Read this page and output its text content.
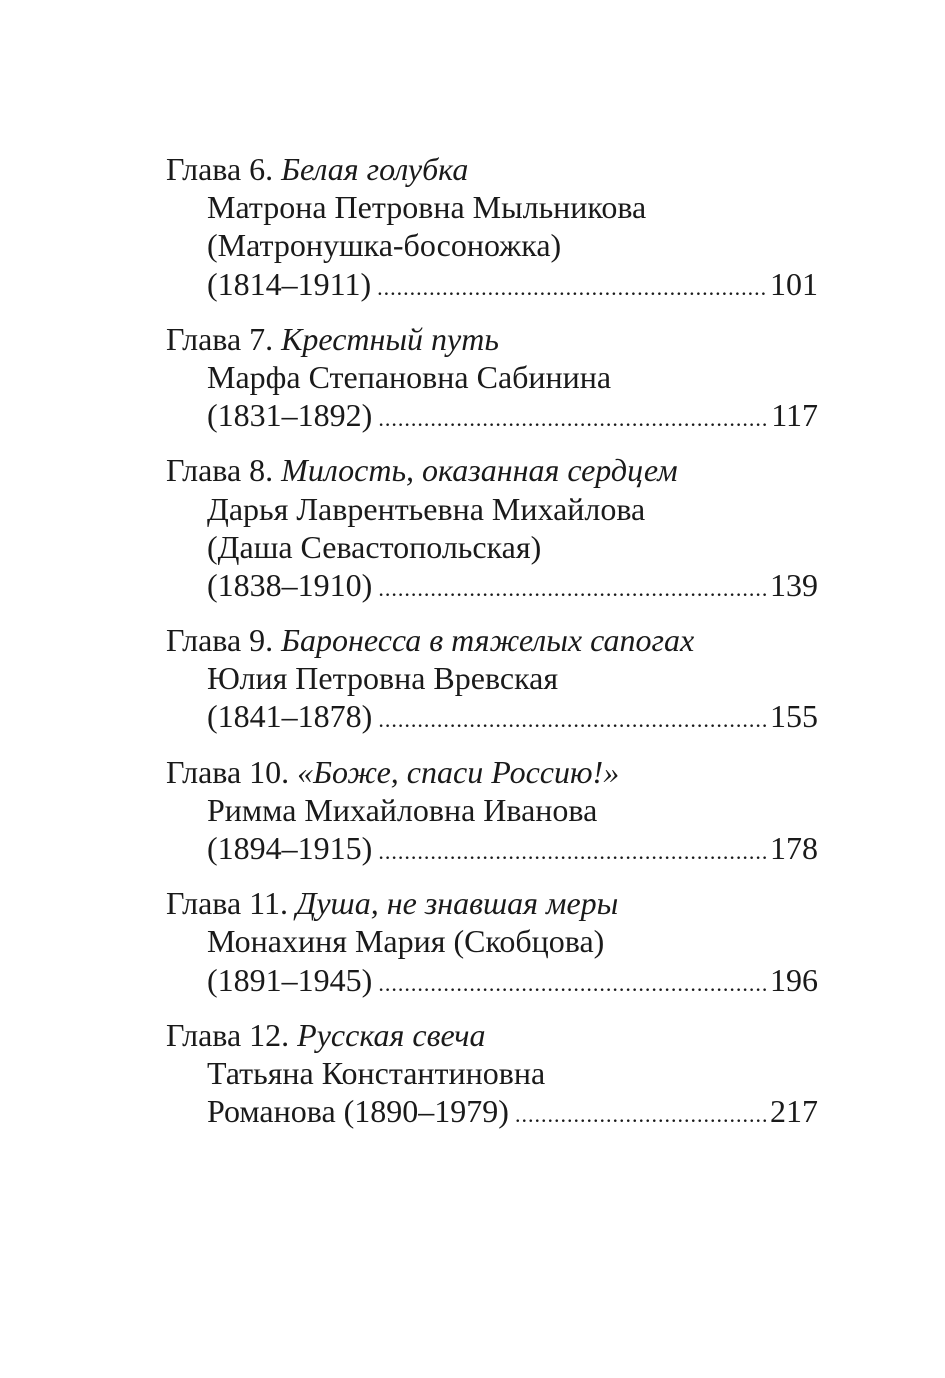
Глава 6. Белая голубка
Матрона Петровна Мыльникова
(Матронушка-босоножка)
(1814–1911) .....	101
Глава 7. Крестный путь
Марфа Степановна Сабинина
(1831–1892) .....	117
Глава 8. Милость, оказанная сердцем
Дарья Лаврентьевна Михайлова
(Даша Севастопольская)
(1838–1910) .....	139
Глава 9. Баронесса в тяжелых сапогах
Юлия Петровна Вревская
(1841–1878) .....	155
Глава 10. «Боже, спаси Россию!»
Римма Михайловна Иванова
(1894–1915) .....	178
Глава 11. Душа, не знавшая меры
Монахиня Мария (Скобцова)
(1891–1945) .....	196
Глава 12. Русская свеча
Татьяна Константиновна
Романова (1890–1979) .....	217
